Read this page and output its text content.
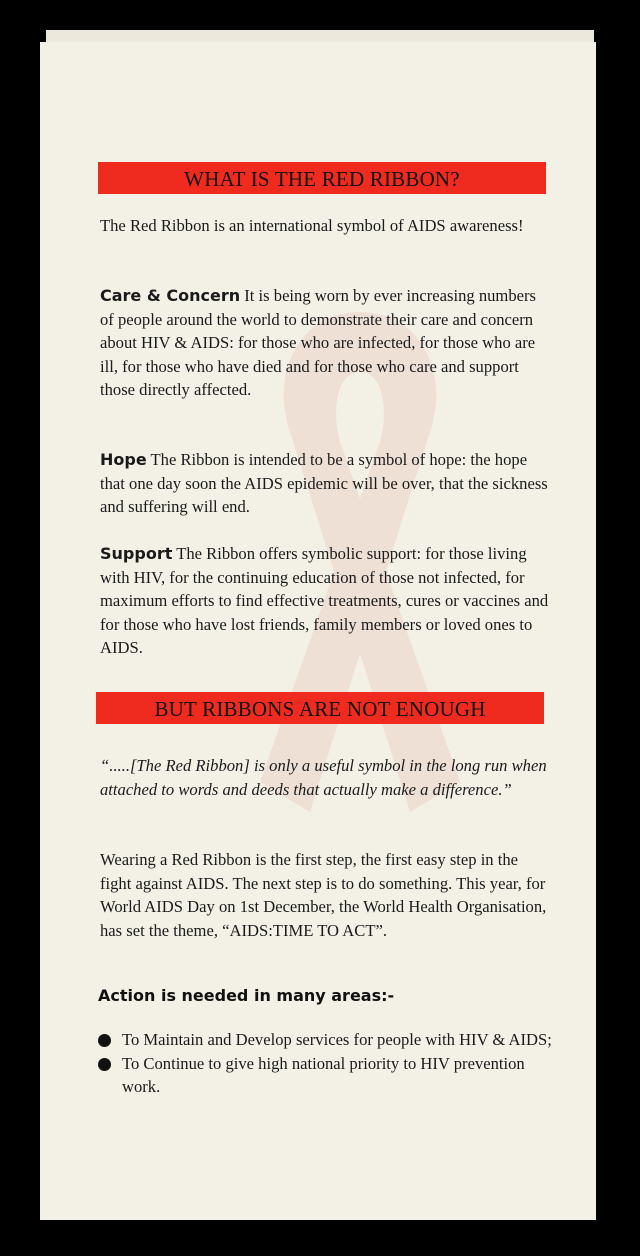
WHAT IS THE RED RIBBON?
The Red Ribbon is an international symbol of AIDS awareness!
Care & Concern It is being worn by ever increasing numbers of people around the world to demonstrate their care and concern about HIV & AIDS: for those who are infected, for those who are ill, for those who have died and for those who care and support those directly affected.
Hope The Ribbon is intended to be a symbol of hope: the hope that one day soon the AIDS epidemic will be over, that the sickness and suffering will end.
Support The Ribbon offers symbolic support: for those living with HIV, for the continuing education of those not infected, for maximum efforts to find effective treatments, cures or vaccines and for those who have lost friends, family members or loved ones to AIDS.
BUT RIBBONS ARE NOT ENOUGH
“.....[The Red Ribbon] is only a useful symbol in the long run when attached to words and deeds that actually make a difference.”
Wearing a Red Ribbon is the first step, the first easy step in the fight against AIDS. The next step is to do something. This year, for World AIDS Day on 1st December, the World Health Organisation, has set the theme, “AIDS:TIME TO ACT”.
Action is needed in many areas:-
To Maintain and Develop services for people with HIV & AIDS;
To Continue to give high national priority to HIV prevention work.
